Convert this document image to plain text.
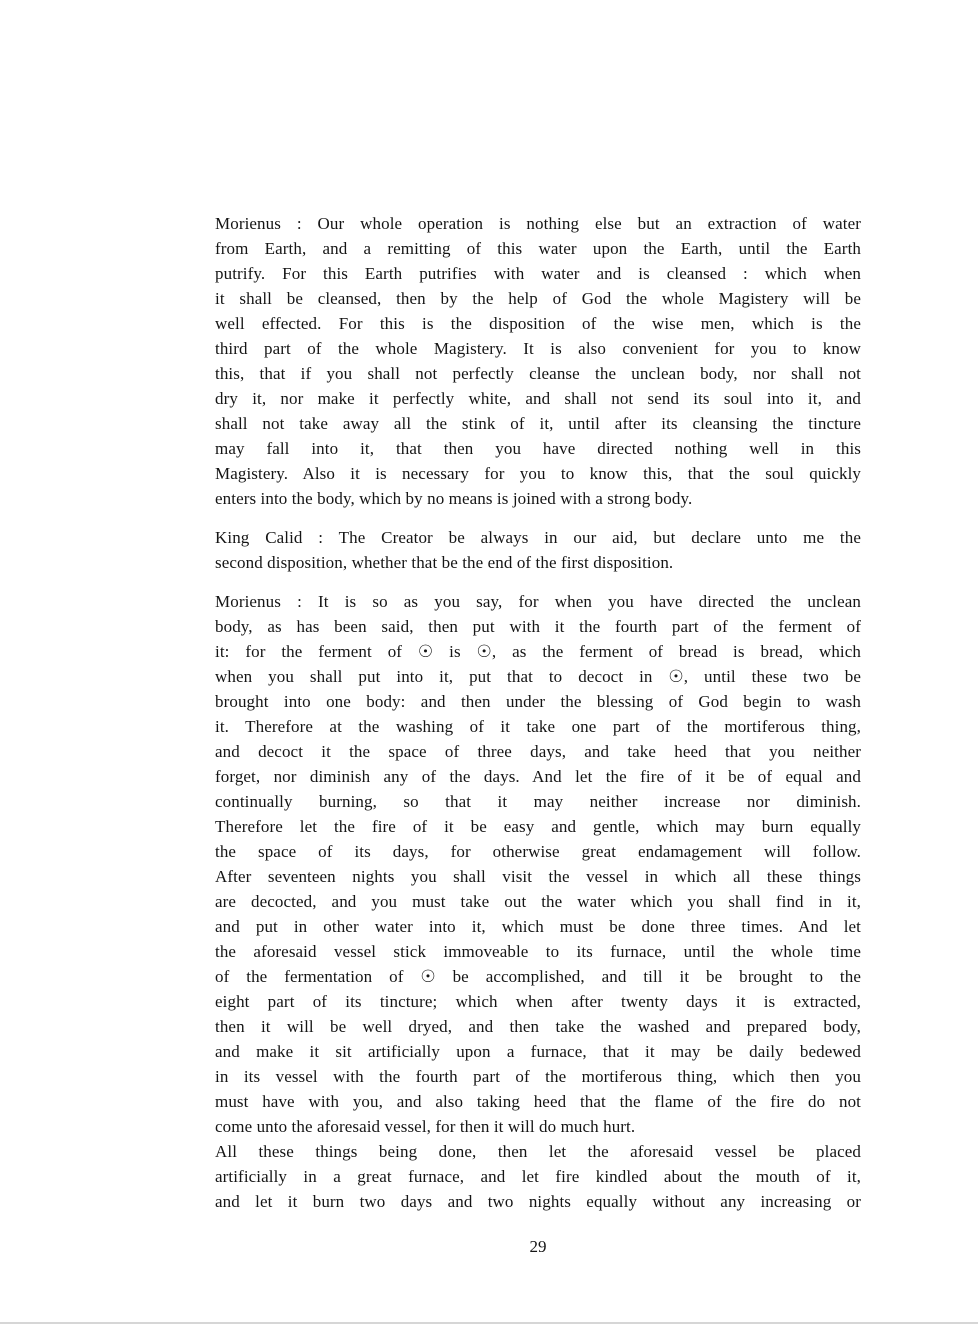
Morienus : Our whole operation is nothing else but an extraction of water
from Earth, and a remitting of this water upon the Earth, until the Earth
putrify. For this Earth putrifies with water and is cleansed : which when
it shall be cleansed, then by the help of God the whole Magistery will be
well effected. For this is the disposition of the wise men, which is the
third part of the whole Magistery. It is also convenient for you to know
this, that if you shall not perfectly cleanse the unclean body, nor shall not
dry it, nor make it perfectly white, and shall not send its soul into it, and
shall not take away all the stink of it, until after its cleansing the tincture
may fall into it, that then you have directed nothing well in this
Magistery. Also it is necessary for you to know this, that the soul quickly
enters into the body, which by no means is joined with a strong body.
King Calid : The Creator be always in our aid, but declare unto me the
second disposition, whether that be the end of the first disposition.
Morienus : It is so as you say, for when you have directed the unclean
body, as has been said, then put with it the fourth part of the ferment of
it: for the ferment of ☉ is ☉, as the ferment of bread is bread, which
when you shall put into it, put that to decoct in ☉, until these two be
brought into one body: and then under the blessing of God begin to wash
it. Therefore at the washing of it take one part of the mortiferous thing,
and decoct it the space of three days, and take heed that you neither
forget, nor diminish any of the days. And let the fire of it be of equal and
continually burning, so that it may neither increase nor diminish.
Therefore let the fire of it be easy and gentle, which may burn equally
the space of its days, for otherwise great endamagement will follow.
After seventeen nights you shall visit the vessel in which all these things
are decocted, and you must take out the water which you shall find in it,
and put in other water into it, which must be done three times. And let
the aforesaid vessel stick immoveable to its furnace, until the whole time
of the fermentation of ☉ be accomplished, and till it be brought to the
eight part of its tincture; which when after twenty days it is extracted,
then it will be well dryed, and then take the washed and prepared body,
and make it sit artificially upon a furnace, that it may be daily bedewed
in its vessel with the fourth part of the mortiferous thing, which then you
must have with you, and also taking heed that the flame of the fire do not
come unto the aforesaid vessel, for then it will do much hurt.
All these things being done, then let the aforesaid vessel be placed
artificially in a great furnace, and let fire kindled about the mouth of it,
and let it burn two days and two nights equally without any increasing or
29
